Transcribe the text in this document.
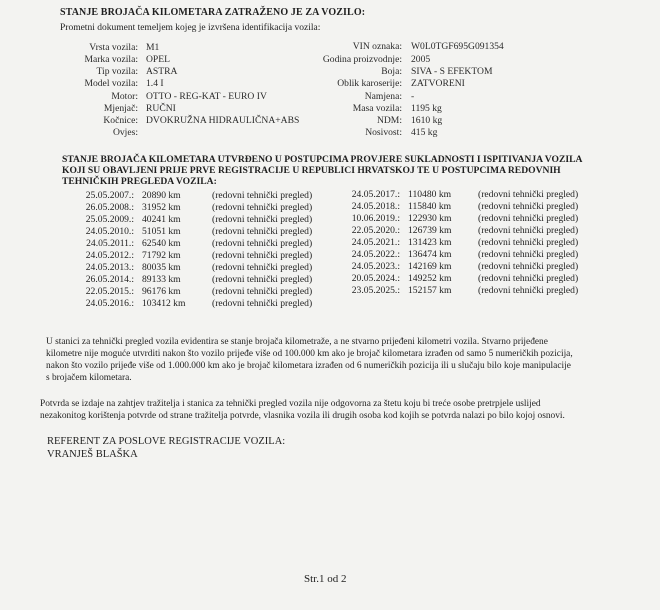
STANJE BROJAČA KILOMETARA ZATRAŽENO JE ZA VOZILO:
Prometni dokument temeljem kojeg je izvršena identifikacija vozila:
Vrsta vozila: M1
Marka vozila: OPEL
Tip vozila: ASTRA
Model vozila: 1.4 I
Motor: OTTO - REG-KAT - EURO IV
Mjenjač: RUČNI
Kočnice: DVOKRUŽNA HIDRAULIČNA+ABS
Ovjes:
VIN oznaka: W0L0TGF695G091354
Godina proizvodnje: 2005
Boja: SIVA - S EFEKTOM
Oblik karoserije: ZATVORENI
Namjena: -
Masa vozila: 1195 kg
NDM: 1610 kg
Nosivost: 415 kg
STANJE BROJAČA KILOMETARA UTVRĐENO U POSTUPCIMA PROVJERE SUKLADNOSTI I ISPITIVANJA VOZILA
KOJI SU OBAVLJENI PRIJE PRVE REGISTRACIJE U REPUBLICI HRVATSKOJ TE U POSTUPCIMA REDOVNIH
TEHNIČKIH PREGLEDA VOZILA:
25.05.2007.: 20890 km	(redovni tehnički pregled)
26.05.2008.: 31952 km	(redovni tehnički pregled)
25.05.2009.: 40241 km	(redovni tehnički pregled)
24.05.2010.: 51051 km	(redovni tehnički pregled)
24.05.2011.: 62540 km	(redovni tehnički pregled)
24.05.2012.: 71792 km	(redovni tehnički pregled)
24.05.2013.: 80035 km	(redovni tehnički pregled)
26.05.2014.: 89133 km	(redovni tehnički pregled)
22.05.2015.: 96176 km	(redovni tehnički pregled)
24.05.2016.: 103412 km	(redovni tehnički pregled)
24.05.2017.: 110480 km	(redovni tehnički pregled)
24.05.2018.: 115840 km	(redovni tehnički pregled)
10.06.2019.: 122930 km	(redovni tehnički pregled)
22.05.2020.: 126739 km	(redovni tehnički pregled)
24.05.2021.: 131423 km	(redovni tehnički pregled)
24.05.2022.: 136474 km	(redovni tehnički pregled)
24.05.2023.: 142169 km	(redovni tehnički pregled)
20.05.2024.: 149252 km	(redovni tehnički pregled)
23.05.2025.: 152157 km	(redovni tehnički pregled)
U stanici za tehnički pregled vozila evidentira se stanje brojača kilometraže, a ne stvarno prijeđeni kilometri vozila. Stvarno prijeđene
kilometre nije moguće utvrditi nakon što vozilo prijeđe više od 100.000 km ako je brojač kilometara izrađen od samo 5 numeričkih pozicija,
nakon što vozilo prijeđe više od 1.000.000 km ako je brojač kilometara izrađen od 6 numeričkih pozicija ili u slučaju bilo koje manipulacije
s brojačem kilometara.
Potvrda se izdaje na zahtjev tražitelja i stanica za tehnički pregled vozila nije odgovorna za štetu koju bi treće osobe pretrpjele uslijed
nezakonitog korištenja potvrde od strane tražitelja potvrde, vlasnika vozila ili drugih osoba kod kojih se potvrda nalazi po bilo kojoj osnovi.
REFERENT ZA POSLOVE REGISTRACIJE VOZILA:
VRANJEŠ BLAŠKA
Str.1 od 2
